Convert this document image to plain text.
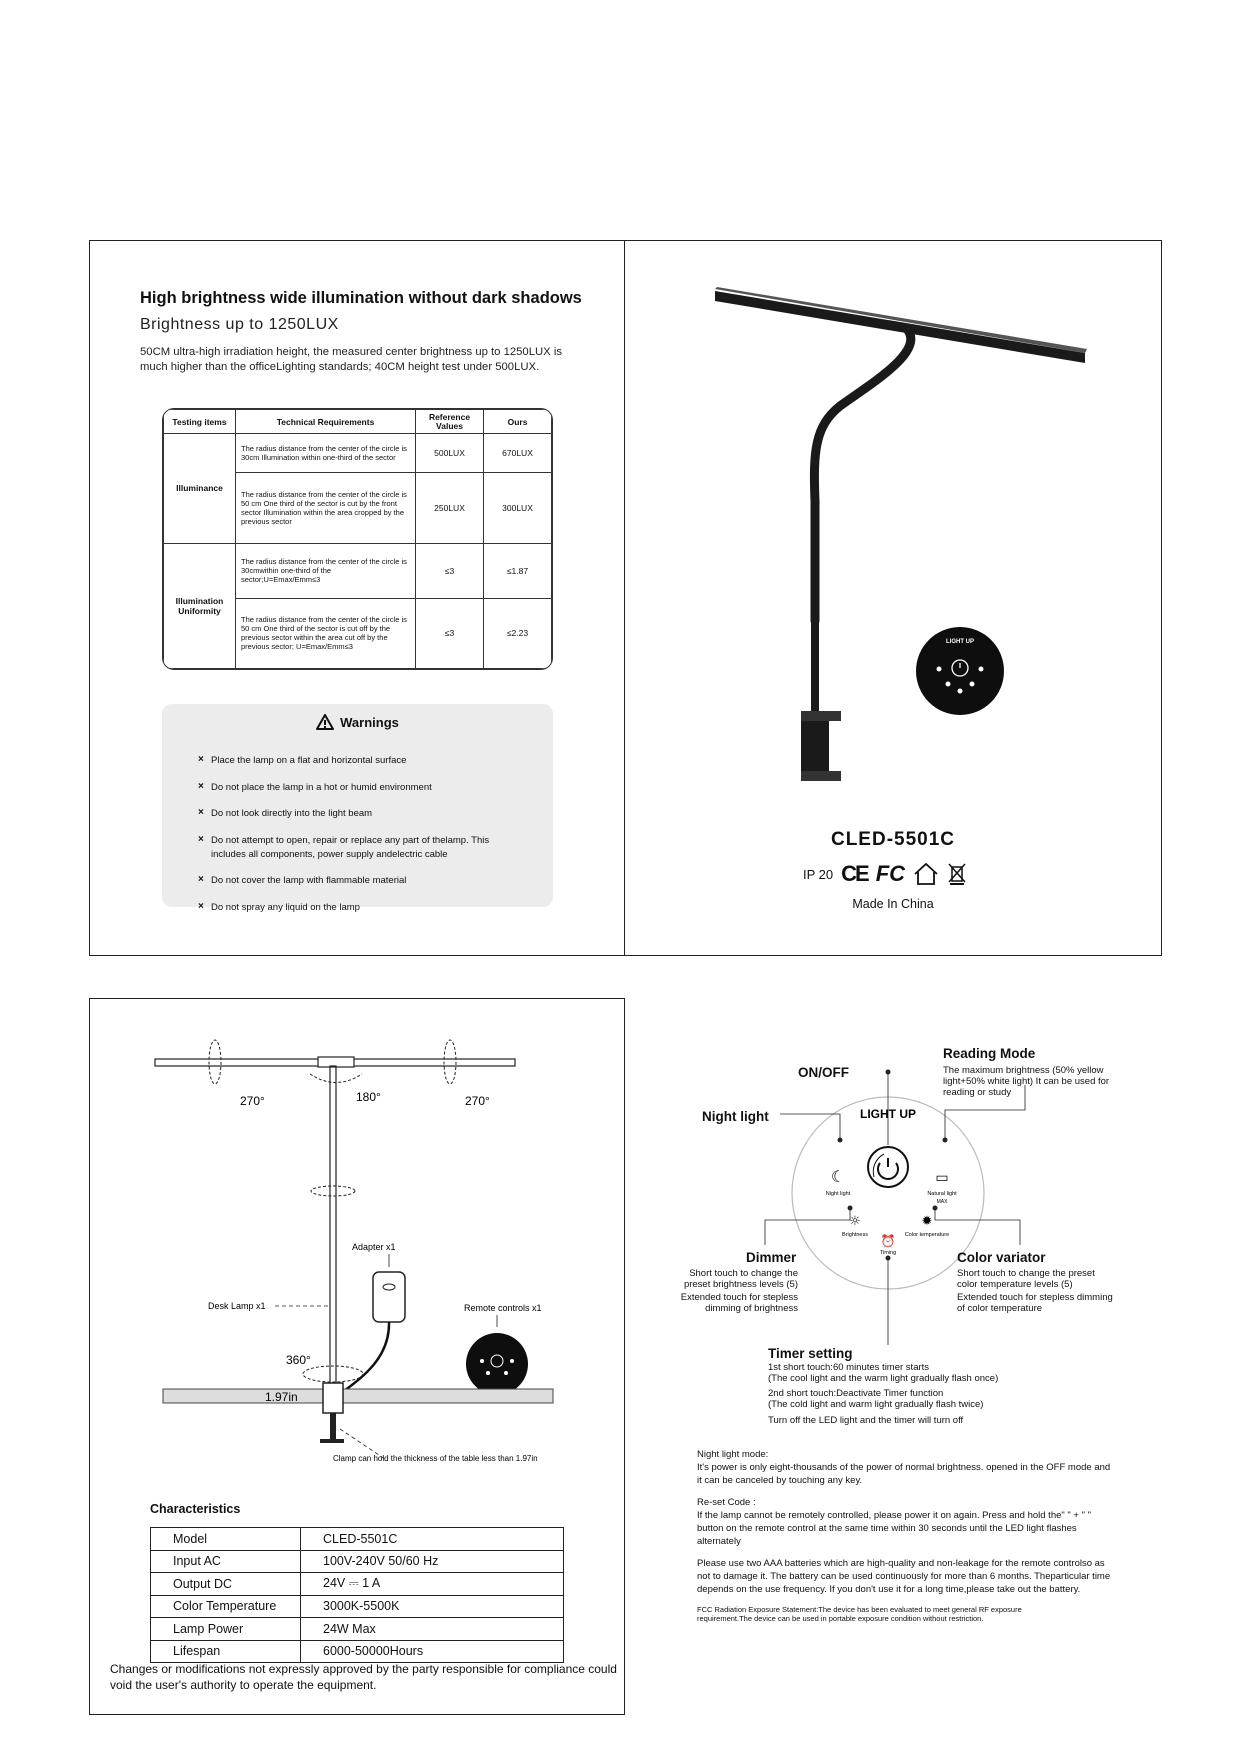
High brightness wide illumination without dark shadows
Brightness up to 1250LUX
50CM ultra-high irradiation height, the measured center brightness up to 1250LUX is much higher than the officeLighting standards; 40CM height test under 500LUX.
Testing items	Technical Requirements	Reference Values	Ours
Illuminance	The radius distance from the center of the circle is 30cm Illumination within one-third of the sector	500LUX	670LUX
	The radius distance from the center of the circle is 50 cm One third of the sector is cut by the front sector Illumination within the area cropped by the previous sector	250LUX	300LUX
Illumination Uniformity	The radius distance from the center of the circle is 30cmwithin one-third of the sector;U=Emax/Emm≤3	≤3	≤1.87
	The radius distance from the center of the circle is 50 cm One third of the sector is cut off by the previous sector within the area cut off by the previous sector; U=Emax/Emm≤3	≤3	≤2.23
Warnings
× Place the lamp on a flat and horizontal surface
× Do not place the lamp in a hot or humid environment
× Do not look directly into the light beam
× Do not attempt to open, repair or replace any part of thelamp. This includes all components, power supply andelectric cable
× Do not cover the lamp with flammable material
× Do not spray any liquid on the lamp
LIGHT UP
CLED-5501C
IP 20 CE FC
Made In China
270°	180°	270°
360°
Adapter x1
Desk Lamp x1	Remote controls x1
1.97in
Clamp can hold the thickness of the table less than 1.97in
Characteristics
Model	CLED-5501C
Input AC	100V-240V 50/60 Hz
Output DC	24V ⎓ 1 A
Color Temperature	3000K-5500K
Lamp Power	24W Max
Lifespan	6000-50000Hours
Changes or modifications not expressly approved by the party responsible for compliance could void the user's authority to operate the equipment.
LIGHT UP
☾
Night light
▭
Natural light
MAX
☼
Brightness
✹
Color temperature
⏰
Timing
ON/OFF
Night light
Reading Mode
The maximum brightness (50% yellow light+50% white light) It can be used for reading or study
Dimmer
Short touch to change the preset brightness levels (5)
Extended touch for stepless dimming of brightness
Color variator
Short touch to change the preset color temperature levels (5)
Extended touch for stepless dimming of color temperature
Timer setting
1st short touch:60 minutes timer starts
(The cool light and the warm light gradually flash once)
2nd short touch:Deactivate Timer function
(The cold light and warm light gradually flash twice)
Turn off the LED light and the timer will turn off

Night light mode:
It's power is only eight-thousands of the power of normal brightness. opened in the OFF mode and it can be canceled by touching any key.

Re-set Code :
If the lamp cannot be remotely controlled, please power it on again. Press and hold the" " + " " button on the remote control at the same time within 30 seconds until the LED light flashes alternately

Please use two AAA batteries which are high-quality and non-leakage for the remote controlso as not to damage it. The battery can be used continuously for more than 6 months. Theparticular time depends on the use frequency. If you don't use it for a long time,please take out the battery.

FCC Radiation Exposure Statement:The device has been evaluated to meet general RF exposure requirement.The device can be used in portable exposure condition without restriction.
